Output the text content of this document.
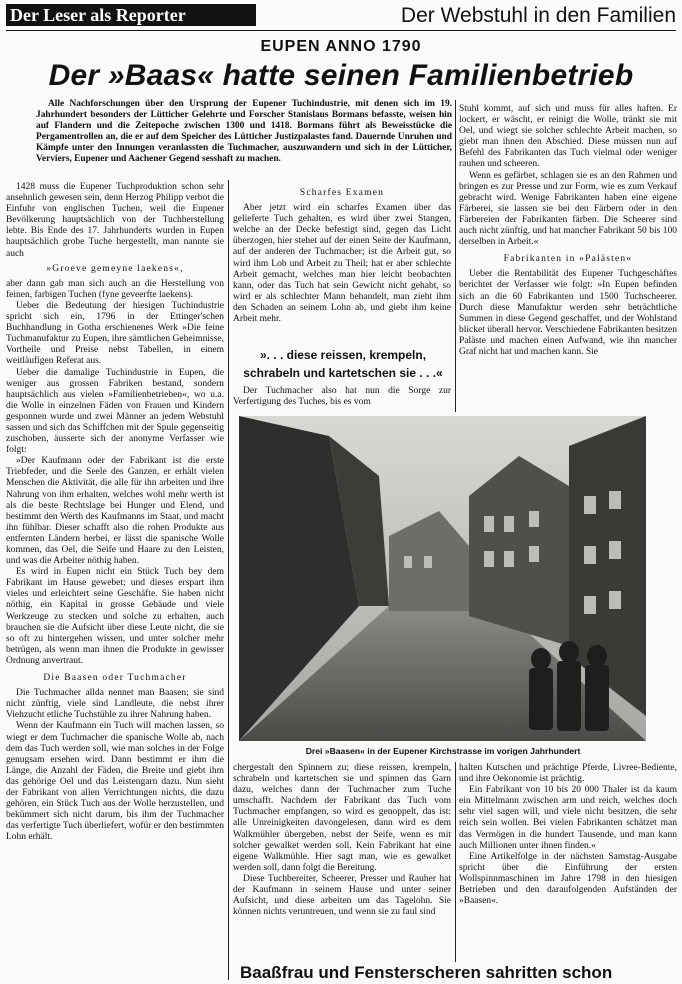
Der Leser als Reporter	Der Webstuhl in den Familien
EUPEN ANNO 1790
Der »Baas« hatte seinen Familienbetrieb
Alle Nachforschungen über den Ursprung der Eupener Tuchindustrie, mit denen sich im 19. Jahrhundert besonders der Lütticher Gelehrte und Forscher Stanislaus Bormans befasste, weisen hin auf Flandern und die Zeitepoche zwischen 1300 und 1418. Bormans führt als Beweisstücke die Pergamentrollen an, die er auf dem Speicher des Lütticher Justizpalastes fand. Dauernde Unruhen und Kämpfe unter den Innungen veranlassten die Tuchmacher, auszuwandern und sich in der Lütticher, Verviers, Eupener und Aachener Gegend sesshaft zu machen.

1428 muss die Eupener Tuchproduktion schon sehr ansehnlich gewesen sein, denn Herzog Philipp verbot die Einfuhr von englischen Tuchen, weil die Eupener Bevölkerung hauptsächlich von der Tuchherstellung lebte. Bis Ende des 17. Jahrhunderts wurden in Eupen hauptsächlich grobe Tuche hergestellt, man nannte sie auch

»Groeve gemeyne laekens«,

aber dann gab man sich auch an die Herstellung von feinen, farbigen Tuchen (fyne geveerfte laekens).

Ueber die Bedeutung der hiesigen Tuchindustrie spricht sich ein, 1796 in der Ettinger'schen Buchhandlung in Gotha erschienenes Werk »Die feine Tuchmanufaktur zu Eupen, ihre sämtlichen Geheimnisse, Vortheile und Preise nebst Tabellen, in einem weitläufigen Referat aus.

Ueber die damalige Tuchindustrie in Eupen, die weniger aus grossen Fabriken bestand, sondern hauptsächlich aus vielen »Familienbetrieben«, wo u.a. die Wolle in einzelnen Fäden von Frauen und Kindern gesponnen wurde und zwei Männer an jedem Webstuhl sassen und sich das Schiffchen mit der Spule gegenseitig zuschoben, äusserte sich der anonyme Verfasser wie folgt:

»Der Kaufmann oder der Fabrikant ist die erste Triebfeder, und die Seele des Ganzen, er erhält vielen Menschen die Aktivität, die alle für ihn arbeiten und ihre Nahrung von ihm erhalten, welches wohl mehr werth ist als die beste Rechtslage bei Hunger und Elend, und bestimmt den Werth des Kaufmanns im Staat, und macht ihn fühlbar. Dieser schafft also die rohen Produkte aus entfernten Ländern herbei, er lässt die spanische Wolle kommen, das Oel, die Seife und Haare zu den Leisten, und was die Arbeiter nöthig haben.

Es wird in Eupen nicht ein Stück Tuch bey dem Fabrikant im Hause gewebet; und dieses erspart ihm vieles und erleichtert seine Geschäfte. Sie haben nicht nöthig, ein Kapital in grosse Gebäude und viele Werkzeuge zu stecken und solche zu erhalten, auch brauchen sie die Aufsicht über diese Leute nicht, die sie so oft zu hintergehen wissen, und unter solcher mehr betrügen, als wenn man ihnen die Produkte in gewisser Ordnung anvertraut.

Die Baasen oder Tuchmacher

Die Tuchmacher allda nennet man Baasen; sie sind nicht zünftig, viele sind Landleute, die nebst ihrer Viehzucht etliche Tuchstühle zu ihrer Nahrung haben.

Wenn der Kaufmann ein Tuch will machen lassen, so wiegt er dem Tuchmacher die spanische Wolle ab, nach dem das Tuch werden soll, wie man solches in der Folge genugsam ersehen wird. Dann bestimmt er ihm die Länge, die Anzahl der Fäden, die Breite und giebt ihm das gehörige Oel und das Leistengarn dazu. Nun sieht der Fabrikant von allen Verrichtungen nichts, die dazu gehören, ein Stück Tuch aus der Wolle herzustellen, und bekümmert sich nicht darum, bis ihm der Tuchmacher das verfertigte Tuch überliefert, wofür er den bestimmten Lohn erhält.

Scharfes Examen

Aber jetzt wird ein scharfes Examen über das gelieferte Tuch gehalten, es wird über zwei Stangen, welche an der Decke befestigt sind, gegen das Licht überzogen, hier stehet auf der einen Seite der Kaufmann, auf der anderen der Tuchmacher; ist die Arbeit gut, so wird ihm Lob und Arbeit zu Theil; hat er aber schlechte Arbeit gemacht, welches man hier leicht beobachten kann, oder das Tuch hat sein Gewicht nicht gehabt, so wird er als schlechter Mann behandelt, man zieht ihm den Schaden an seinem Lohn ab, und giebt ihm keine Arbeit mehr.

». . . diese reissen, krempeln, schrabeln und kartetschen sie . . .«

Der Tuchmacher also hat nun die Sorge zur Verfertigung des Tuches, bis es vom

Stuhl kommt, auf sich und muss für alles haften. Er lockert, er wäscht, er reinigt die Wolle, tränkt sie mit Oel, und wiegt sie solcher schlechte Arbeit machen, so giebt man ihnen den Abschied. Diese müssen nun auf Befehl des Fabrikanten das Tuch vielmal oder weniger rauhen und scheeren.

Wenn es gefärbet, schlagen sie es an den Rahmen und bringen es zur Presse und zur Form, wie es zum Verkauf gebracht wird. Wenige Fabrikanten haben eine eigene Färberei, sie lassen sie bei den Färbern oder in den Färbereien der Fabrikanten färben. Die Scheerer sind auch nicht zünftig, und hat mancher Fabrikant 50 bis 100 derselben in Arbeit.«

Fabrikanten in »Palästen«

Ueber die Rentabilität des Eupener Tuchgeschäftes berichtet der Verfasser wie folgt: »In Eupen befinden sich an die 60 Fabrikanten und 1500 Tuchscheerer. Durch diese Manufaktur werden sehr beträchtliche Summen in diese Gegend geschaffet, und der Wohlstand blicket überall hervor. Verschiedene Fabrikanten besitzen Paläste und machen einen Aufwand, wie ihn mancher Graf nicht hat und machen kann. Sie

Drei »Baasen« in der Eupener Kirchstrasse im vorigen Jahrhundert

chergestalt den Spinnern zu; diese reissen, krempeln, schrabeln und kartetschen sie und spinnen das Garn dazu, welches dann der Tuchmacher zum Tuche umschafft. Nachdem der Fabrikant das Tuch vom Tuchmacher empfangen, so wird es genoppelt, das ist: alle Unreinigkeiten davongelesen, dann wird es dem Walkmühler übergeben, nebst der Seife, wenn es mit solcher gewalket werden soll. Kein Fabrikant hat eine eigene Walkmühle. Hier sagt man, wie es gewalket werden soll, dann folgt die Bereitung.

Diese Tuchbereiter, Scheerer, Presser und Rauher hat der Kaufmann in seinem Hause und unter seiner Aufsicht, und diese arbeiten um das Tagelohn. Sie können nichts veruntreuen, und wenn sie zu faul sind

halten Kutschen und prächtige Pferde, Livree-Bediente, und ihre Oekonomie ist prächtig.

Ein Fabrikant von 10 bis 20 000 Thaler ist da kaum ein Mittelmann zwischen arm und reich, welches doch sehr viel sagen will, und viele nicht besitzen, die sehr reich sein wollen. Bei vielen Fabrikanten schätzet man das Vermögen in die hundert Tausende, und man kann auch Millionen unter ihnen finden.«

Eine Artikelfolge in der nächsten Samstag-Ausgabe spricht über die Einführung der ersten Wollspinnmaschinen im Jahre 1798 in den hiesigen Betrieben und den daraufolgenden Aufständen der »Baasen«.

Baaßfrau und Fensterscheren sahritten schon
